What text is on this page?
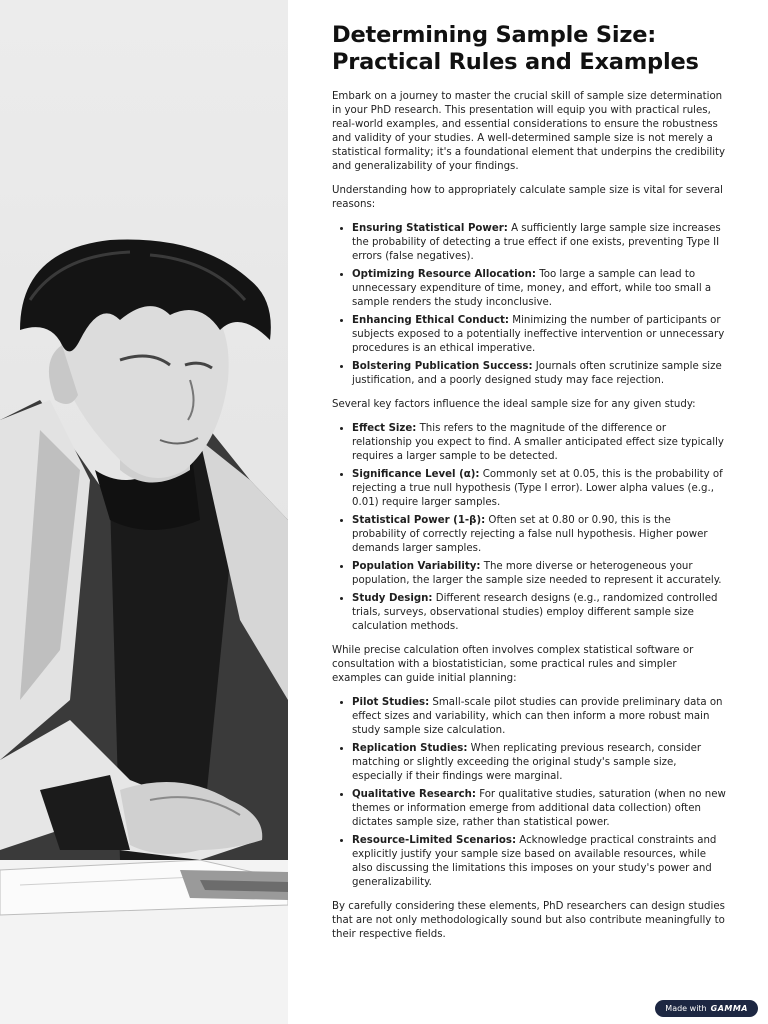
Determining Sample Size: Practical Rules and Examples

Embark on a journey to master the crucial skill of sample size determination in your PhD research. This presentation will equip you with practical rules, real-world examples, and essential considerations to ensure the robustness and validity of your studies. A well-determined sample size is not merely a statistical formality; it's a foundational element that underpins the credibility and generalizability of your findings.

Understanding how to appropriately calculate sample size is vital for several reasons:

• Ensuring Statistical Power: A sufficiently large sample size increases the probability of detecting a true effect if one exists, preventing Type II errors (false negatives).
• Optimizing Resource Allocation: Too large a sample can lead to unnecessary expenditure of time, money, and effort, while too small a sample renders the study inconclusive.
• Enhancing Ethical Conduct: Minimizing the number of participants or subjects exposed to a potentially ineffective intervention or unnecessary procedures is an ethical imperative.
• Bolstering Publication Success: Journals often scrutinize sample size justification, and a poorly designed study may face rejection.

Several key factors influence the ideal sample size for any given study:

• Effect Size: This refers to the magnitude of the difference or relationship you expect to find. A smaller anticipated effect size typically requires a larger sample to be detected.
• Significance Level (α): Commonly set at 0.05, this is the probability of rejecting a true null hypothesis (Type I error). Lower alpha values (e.g., 0.01) require larger samples.
• Statistical Power (1-β): Often set at 0.80 or 0.90, this is the probability of correctly rejecting a false null hypothesis. Higher power demands larger samples.
• Population Variability: The more diverse or heterogeneous your population, the larger the sample size needed to represent it accurately.
• Study Design: Different research designs (e.g., randomized controlled trials, surveys, observational studies) employ different sample size calculation methods.

While precise calculation often involves complex statistical software or consultation with a biostatistician, some practical rules and simpler examples can guide initial planning:

• Pilot Studies: Small-scale pilot studies can provide preliminary data on effect sizes and variability, which can then inform a more robust main study sample size calculation.
• Replication Studies: When replicating previous research, consider matching or slightly exceeding the original study's sample size, especially if their findings were marginal.
• Qualitative Research: For qualitative studies, saturation (when no new themes or information emerge from additional data collection) often dictates sample size, rather than statistical power.
• Resource-Limited Scenarios: Acknowledge practical constraints and explicitly justify your sample size based on available resources, while also discussing the limitations this imposes on your study's power and generalizability.

By carefully considering these elements, PhD researchers can design studies that are not only methodologically sound but also contribute meaningfully to their respective fields.

Made with GAMMA
